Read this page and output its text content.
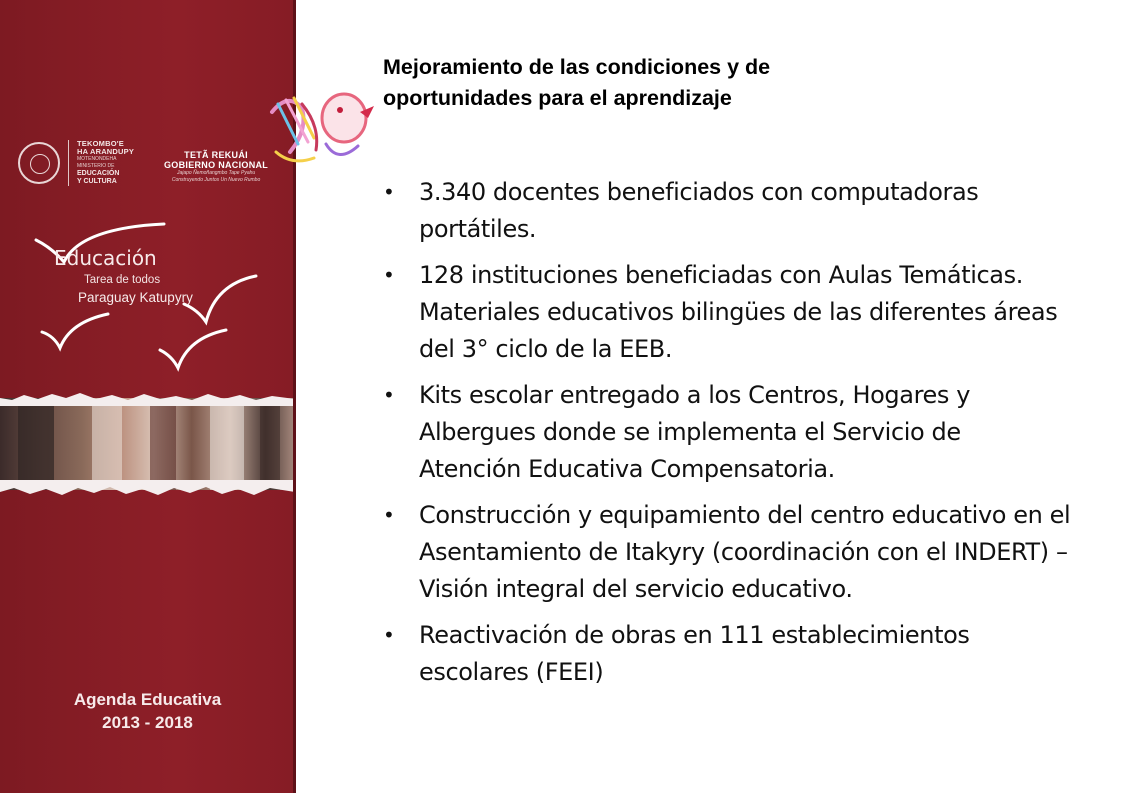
TEKOMBO'E
HA ARANDUPY
MOTENONDEHA
MINISTERIO DE
EDUCACIÓN
Y CULTURA
TETÃ REKUÁI
GOBIERNO NACIONAL
Jajapo Ñemoñangmbo Tape Pyahu
Construyendo Juntos Un Nuevo Rumbo
Educación
Tarea de todos
Paraguay Katupyry
Agenda Educativa
2013 - 2018
Mejoramiento de las condiciones y de
oportunidades para el aprendizaje
• 3.340 docentes beneficiados con computadoras portátiles.
• 128 instituciones beneficiadas con Aulas Temáticas. Materiales educativos bilingües de las diferentes áreas del 3° ciclo de la EEB.
• Kits escolar entregado a los Centros, Hogares y Albergues donde se implementa el Servicio de Atención Educativa Compensatoria.
• Construcción y equipamiento del centro educativo en el Asentamiento de Itakyry (coordinación con el INDERT) – Visión integral del servicio educativo.
• Reactivación de obras en 111 establecimientos escolares (FEEI)
